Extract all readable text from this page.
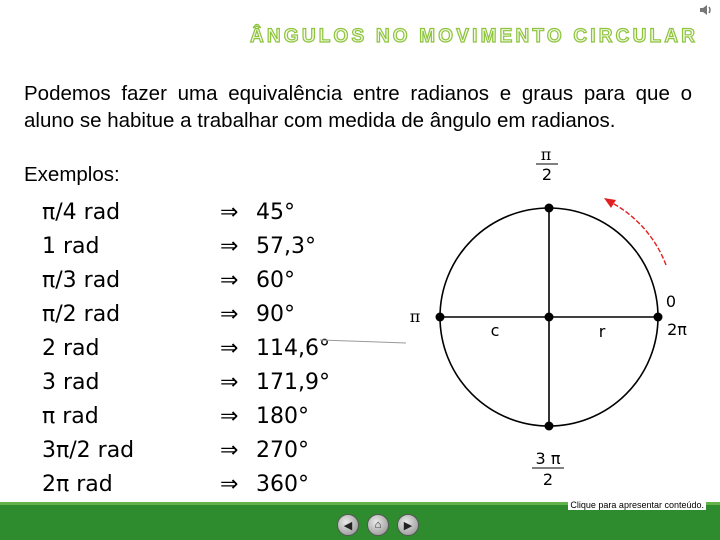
ÂNGULOS NO MOVIMENTO CIRCULAR
Podemos fazer uma equivalência entre radianos e graus para que o aluno se habitue a trabalhar com medida de ângulo em radianos.
Exemplos:
π/4 rad	⇒ 45°
1 rad	⇒ 57,3°
π/3 rad	⇒ 60°
π/2 rad	⇒ 90°
2 rad	⇒ 114,6°
3 rad	⇒ 171,9°
π rad	⇒ 180°
3π/2 rad	⇒ 270°
2π rad	⇒ 360°
π
2
π
0
2π
c	r
3 π
2
Clique para apresentar conteúdo.
◀ ⌂ ▶
